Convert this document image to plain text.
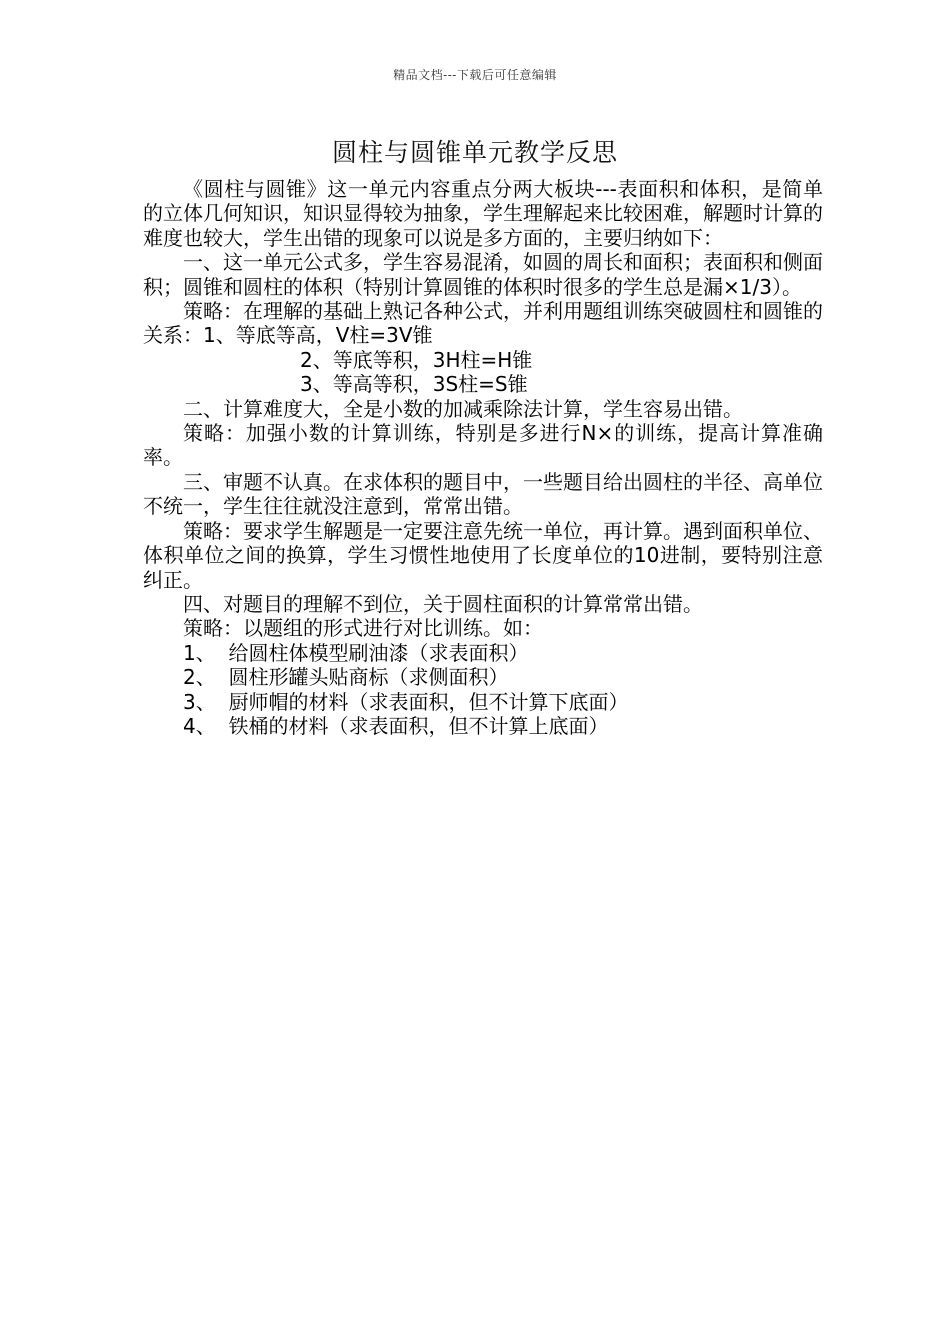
精品文档---下载后可任意编辑
圆柱与圆锥单元教学反思

《圆柱与圆锥》这一单元内容重点分两大板块---表面积和体积，是简单的立体几何知识，知识显得较为抽象，学生理解起来比较困难，解题时计算的难度也较大，学生出错的现象可以说是多方面的，主要归纳如下：

一、这一单元公式多，学生容易混淆，如圆的周长和面积；表面积和侧面积；圆锥和圆柱的体积（特别计算圆锥的体积时很多的学生总是漏×1/3）。

策略：在理解的基础上熟记各种公式，并利用题组训练突破圆柱和圆锥的关系：1、等底等高，V柱=3V锥

2、等底等积，3H柱=H锥

3、等高等积，3S柱=S锥

二、计算难度大，全是小数的加减乘除法计算，学生容易出错。

策略：加强小数的计算训练，特别是多进行N×的训练，提高计算准确率。

三、审题不认真。在求体积的题目中，一些题目给出圆柱的半径、高单位不统一，学生往往就没注意到，常常出错。

策略：要求学生解题是一定要注意先统一单位，再计算。遇到面积单位、体积单位之间的换算，学生习惯性地使用了长度单位的10进制，要特别注意纠正。

四、对题目的理解不到位，关于圆柱面积的计算常常出错。

策略：以题组的形式进行对比训练。如：

1、  给圆柱体模型刷油漆（求表面积）

2、  圆柱形罐头贴商标（求侧面积）

3、  厨师帽的材料（求表面积，但不计算下底面）

4、  铁桶的材料（求表面积，但不计算上底面）
